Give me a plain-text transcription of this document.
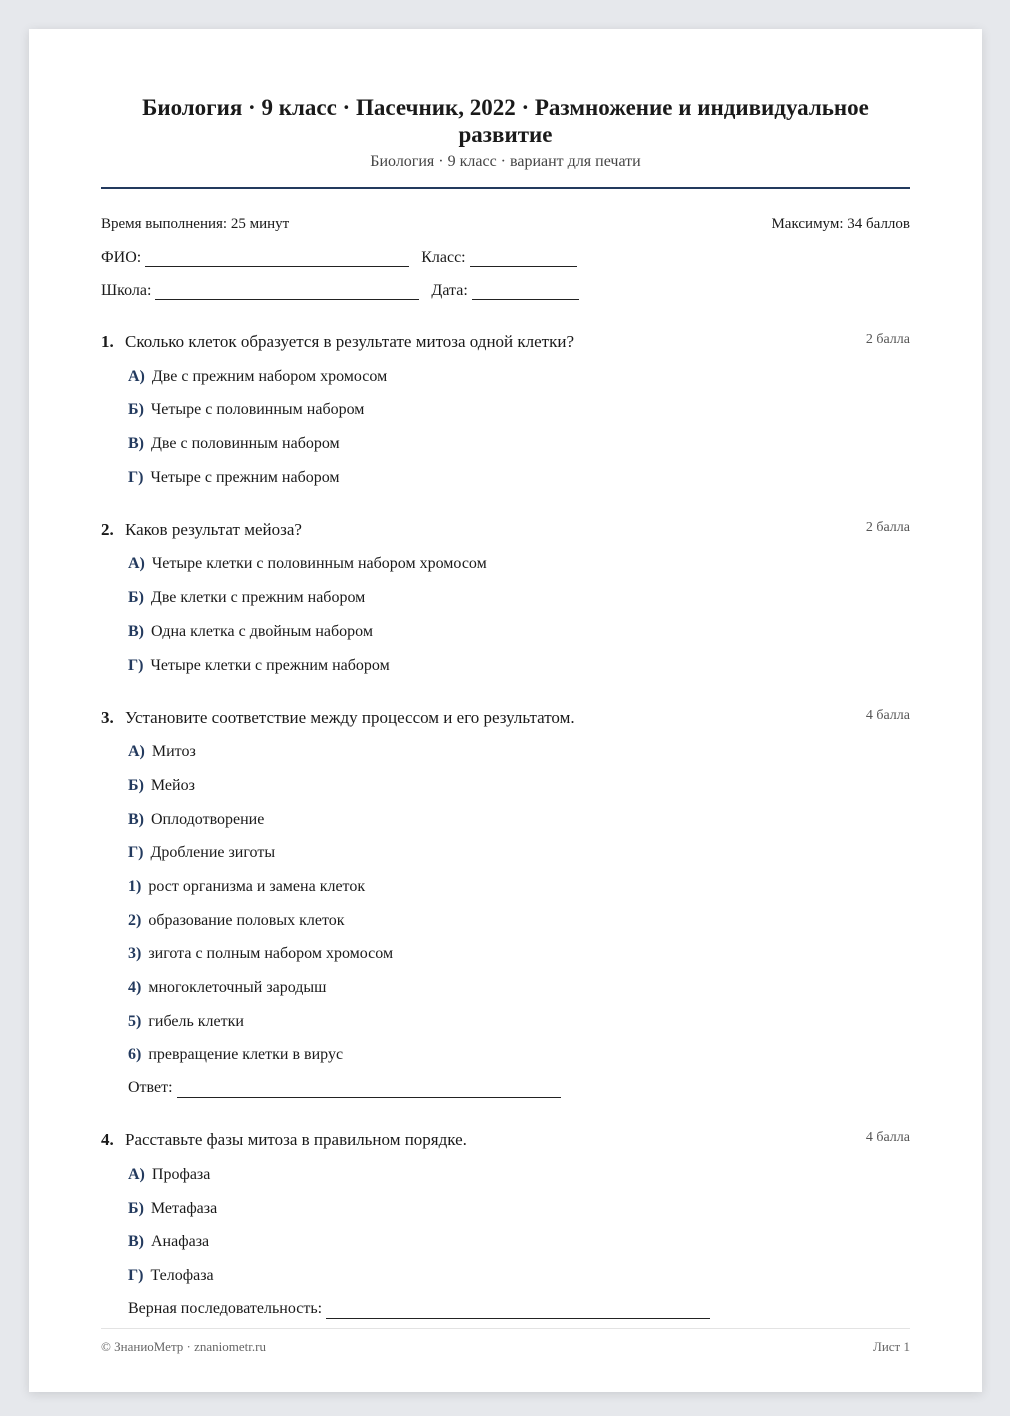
Биология · 9 класс · Пасечник, 2022 · Размножение и индивидуальное развитие
Биология · 9 класс · вариант для печати
Время выполнения: 25 минут	Максимум: 34 баллов
ФИО:	Класс:
Школа:	Дата:
1. Сколько клеток образуется в результате митоза одной клетки?	2 балла
А) Две с прежним набором хромосом
Б) Четыре с половинным набором
В) Две с половинным набором
Г) Четыре с прежним набором
2. Каков результат мейоза?	2 балла
А) Четыре клетки с половинным набором хромосом
Б) Две клетки с прежним набором
В) Одна клетка с двойным набором
Г) Четыре клетки с прежним набором
3. Установите соответствие между процессом и его результатом.	4 балла
А) Митоз
Б) Мейоз
В) Оплодотворение
Г) Дробление зиготы
1) рост организма и замена клеток
2) образование половых клеток
3) зигота с полным набором хромосом
4) многоклеточный зародыш
5) гибель клетки
6) превращение клетки в вирус
Ответ:
4. Расставьте фазы митоза в правильном порядке.	4 балла
А) Профаза
Б) Метафаза
В) Анафаза
Г) Телофаза
Верная последовательность:
© ЗнаниоМетр · znaniometr.ru	Лист 1
